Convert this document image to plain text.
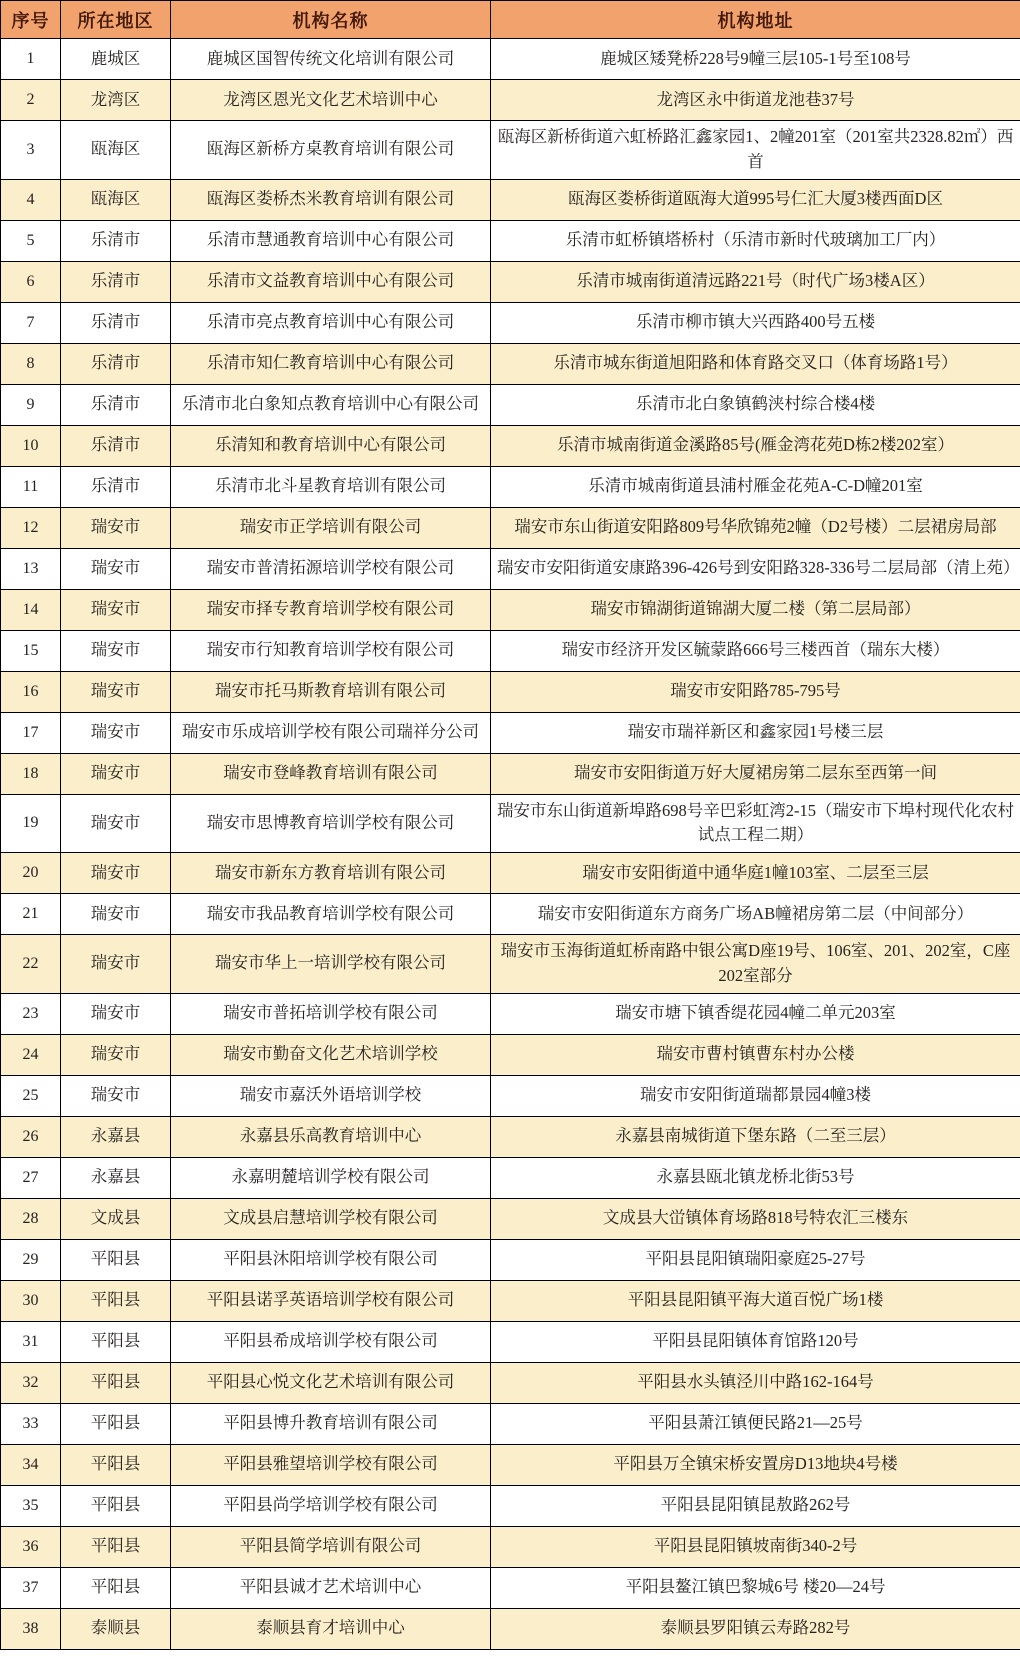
序号	所在地区	机构名称	机构地址
1	鹿城区	鹿城区国智传统文化培训有限公司	鹿城区矮凳桥228号9幢三层105-1号至108号
2	龙湾区	龙湾区恩光文化艺术培训中心	龙湾区永中街道龙池巷37号
3	瓯海区	瓯海区新桥方桌教育培训有限公司	瓯海区新桥街道六虹桥路汇鑫家园1、2幢201室（201室共2328.82㎡）西首
4	瓯海区	瓯海区娄桥杰米教育培训有限公司	瓯海区娄桥街道瓯海大道995号仁汇大厦3楼西面D区
5	乐清市	乐清市慧通教育培训中心有限公司	乐清市虹桥镇塔桥村（乐清市新时代玻璃加工厂内）
6	乐清市	乐清市文益教育培训中心有限公司	乐清市城南街道清远路221号（时代广场3楼A区）
7	乐清市	乐清市亮点教育培训中心有限公司	乐清市柳市镇大兴西路400号五楼
8	乐清市	乐清市知仁教育培训中心有限公司	乐清市城东街道旭阳路和体育路交叉口（体育场路1号）
9	乐清市	乐清市北白象知点教育培训中心有限公司	乐清市北白象镇鹤浃村综合楼4楼
10	乐清市	乐清知和教育培训中心有限公司	乐清市城南街道金溪路85号(雁金湾花苑D栋2楼202室）
11	乐清市	乐清市北斗星教育培训有限公司	乐清市城南街道县浦村雁金花苑A-C-D幢201室
12	瑞安市	瑞安市正学培训有限公司	瑞安市东山街道安阳路809号华欣锦苑2幢（D2号楼）二层裙房局部
13	瑞安市	瑞安市普清拓源培训学校有限公司	瑞安市安阳街道安康路396-426号到安阳路328-336号二层局部（清上苑）
14	瑞安市	瑞安市择专教育培训学校有限公司	瑞安市锦湖街道锦湖大厦二楼（第二层局部）
15	瑞安市	瑞安市行知教育培训学校有限公司	瑞安市经济开发区毓蒙路666号三楼西首（瑞东大楼）
16	瑞安市	瑞安市托马斯教育培训有限公司	瑞安市安阳路785-795号
17	瑞安市	瑞安市乐成培训学校有限公司瑞祥分公司	瑞安市瑞祥新区和鑫家园1号楼三层
18	瑞安市	瑞安市登峰教育培训有限公司	瑞安市安阳街道万好大厦裙房第二层东至西第一间
19	瑞安市	瑞安市思博教育培训学校有限公司	瑞安市东山街道新埠路698号辛巴彩虹湾2-15（瑞安市下埠村现代化农村试点工程二期）
20	瑞安市	瑞安市新东方教育培训有限公司	瑞安市安阳街道中通华庭1幢103室、二层至三层
21	瑞安市	瑞安市我品教育培训学校有限公司	瑞安市安阳街道东方商务广场AB幢裙房第二层（中间部分）
22	瑞安市	瑞安市华上一培训学校有限公司	瑞安市玉海街道虹桥南路中银公寓D座19号、106室、201、202室，C座202室部分
23	瑞安市	瑞安市普拓培训学校有限公司	瑞安市塘下镇香缇花园4幢二单元203室
24	瑞安市	瑞安市勤奋文化艺术培训学校	瑞安市曹村镇曹东村办公楼
25	瑞安市	瑞安市嘉沃外语培训学校	瑞安市安阳街道瑞都景园4幢3楼
26	永嘉县	永嘉县乐高教育培训中心	永嘉县南城街道下堡东路（二至三层）
27	永嘉县	永嘉明麓培训学校有限公司	永嘉县瓯北镇龙桥北街53号
28	文成县	文成县启慧培训学校有限公司	文成县大峃镇体育场路818号特农汇三楼东
29	平阳县	平阳县沐阳培训学校有限公司	平阳县昆阳镇瑞阳豪庭25-27号
30	平阳县	平阳县诺孚英语培训学校有限公司	平阳县昆阳镇平海大道百悦广场1楼
31	平阳县	平阳县希成培训学校有限公司	平阳县昆阳镇体育馆路120号
32	平阳县	平阳县心悦文化艺术培训有限公司	平阳县水头镇泾川中路162-164号
33	平阳县	平阳县博升教育培训有限公司	平阳县萧江镇便民路21—25号
34	平阳县	平阳县雅望培训学校有限公司	平阳县万全镇宋桥安置房D13地块4号楼
35	平阳县	平阳县尚学培训学校有限公司	平阳县昆阳镇昆敖路262号
36	平阳县	平阳县简学培训有限公司	平阳县昆阳镇坡南街340-2号
37	平阳县	平阳县诚才艺术培训中心	平阳县鳌江镇巴黎城6号 楼20—24号
38	泰顺县	泰顺县育才培训中心	泰顺县罗阳镇云寿路282号
